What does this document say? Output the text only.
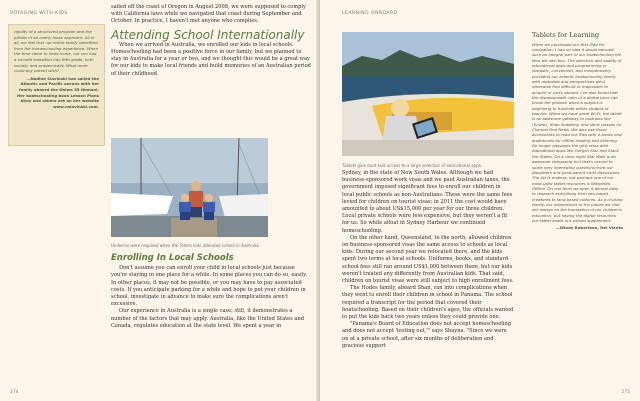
VOYAGING WITH KIDS
rigidity of a structured program and the pitfalls of an overly loose approach. All in all, we feel that our entire family benefited from the homeschooling experience. When the time came to head home, our son had a smooth transition into fifth grade, both socially and academically. What more could any parent wish?
—Nadine Slavinski has sailed the Atlantic and Pacific oceans with her family aboard the Daiwa 35 Namani. Her boatschooling book Lesson Plans Ahoy and others are on her website www.nslavinski.com.

sailed off the coast of Oregon in August 2008, we were supposed to comply with California laws while we navigated that coast during September and October. In practice, I haven't met anyone who complies.

Attending School Internationally

When we arrived in Australia, we enrolled our kids in local schools. Homeschooling had been a positive force in our family, but we planned to stay in Australia for a year or two, and we thought this would be a great way for our kids to make local friends and build memories of an Australian period of their childhood.

Uniforms were required when the Totem kids attended school in Australia.
Enrolling In Local Schools

Don't assume you can enroll your child in local schools just because you're staying in one place for a while. In some places you can do so, easily. In other places, it may not be possible, or you may have to pay associated costs. If you anticipate parking for a while and hope to put your children in school, investigate in advance to make sure the complications aren't excessive.

Our experience in Australia is a single case; still, it demonstrates a number of the factors that may apply. Australia, like the United States and Canada, regulates education at the state level. We spent a year in

274
LEARNING ONBOARD
Tablets give boat kids access to a large selection of educational apps.

Sydney, in the state of New South Wales. Although we had business-sponsored work visas and we paid Australian taxes, the government imposed significant fees to enroll our children in local public schools as non-Australians. These were the same fees levied for children on tourist visas; in 2011 the cost would have amounted to about US$15,000 per year for our three children. Local private schools were less expensive, but they weren't a fit for us. So while afloat in Sydney Harbour we continued homeschooling.

On the other hand, Queensland, to the north, allowed children on business-sponsored visas the same access to schools as local kids. During our second year we relocated there, and the kids spent two terms at local schools. Uniforms, books, and standard school fees still ran around US$1,000 between them, but our kids weren't treated any differently from Australian kids. That said, children on tourist visas were still subject to high enrollment fees.

The Hodes family, aboard Shan, ran into complications when they went to enroll their children in school in Panama. The school required a transcript for the period that covered their boatschooling. Based on their children's ages, the officials wanted to put the kids back two years unless they could provide one.

"Panama's Board of Education does not accept homeschooling and does not accept 'testing out,'" says Shayna. "Since we were on at a private school, after six months of deliberation and gracious support

Tablets for Learning
When we purchased our first iPad for navigation, I had no idea it would become such an integral part of our boatschooling life. Now we own two. The selection and quality of educational apps and programming is fantastic, convenient, and inexpensively providing our eclectic boatschooling family with materials and perspectives we'd otherwise find difficult or impossible to acquire or carry aboard. I've also found that the dispassionate calm of a digital tutor can break the gridlock when a subject is beginning to frustrate either student or teacher. When we have great Wi-Fi, the tablet is an awesome gateway to podcasts like iTunesU, Khan Academy, and short classes on Channel One News. We also use those accessories to read our iPad with e-books and audiobooks for offline reading and listening. On longer passages the girls relax with educational apps like Oregon Star and Stack the States. On a clear night Star Walk is an awesome stargazing tool that's served to spark very interesting questions from our daughters and good parent-child discussions. The list is endless, but perhaps one of our most-used tablet resources is Wikipedia Offline. On one level we open it almost daily to research everything from sea-based creatures to land-based cultures. As a cruising family, our experiences in the places we visit will always be the foundation of our children's education, but having the digital resources our tablet avails is a valued supplement.
—Windy Robertson, Del Viento
275
